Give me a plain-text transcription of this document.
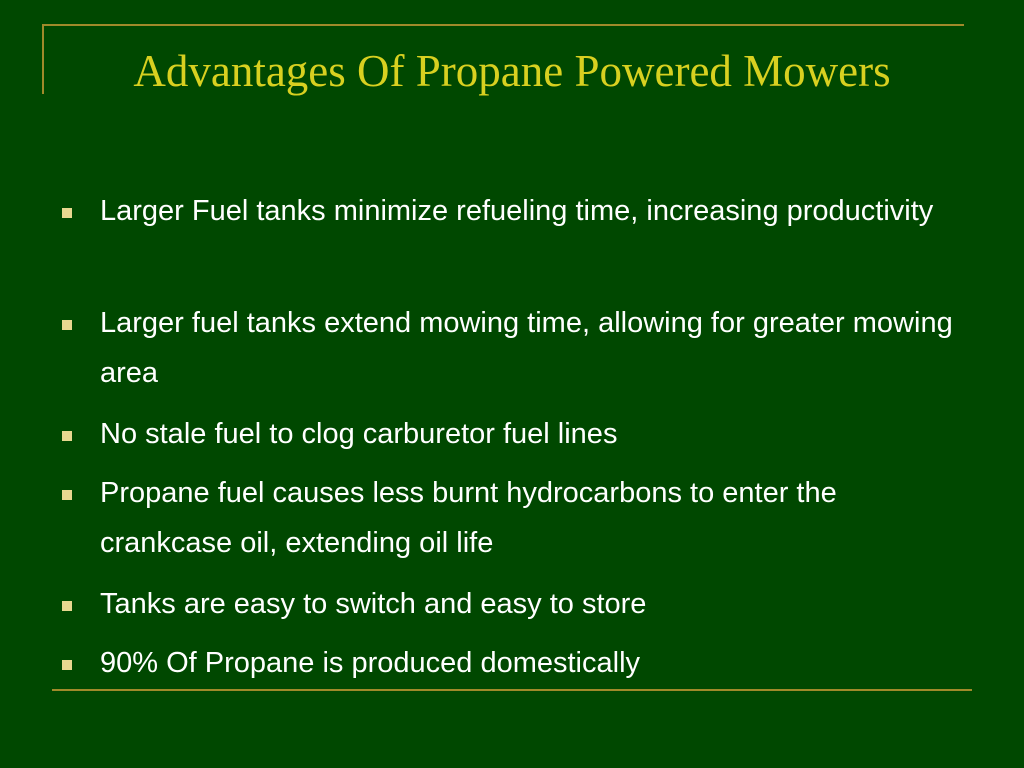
Advantages Of Propane Powered Mowers
Larger Fuel tanks minimize refueling time, increasing productivity
Larger fuel tanks extend mowing time, allowing for greater mowing area
No stale fuel to clog carburetor fuel lines
Propane fuel causes less burnt hydrocarbons to enter the crankcase oil, extending oil life
Tanks are easy to switch and easy to store
90% Of Propane is produced domestically
